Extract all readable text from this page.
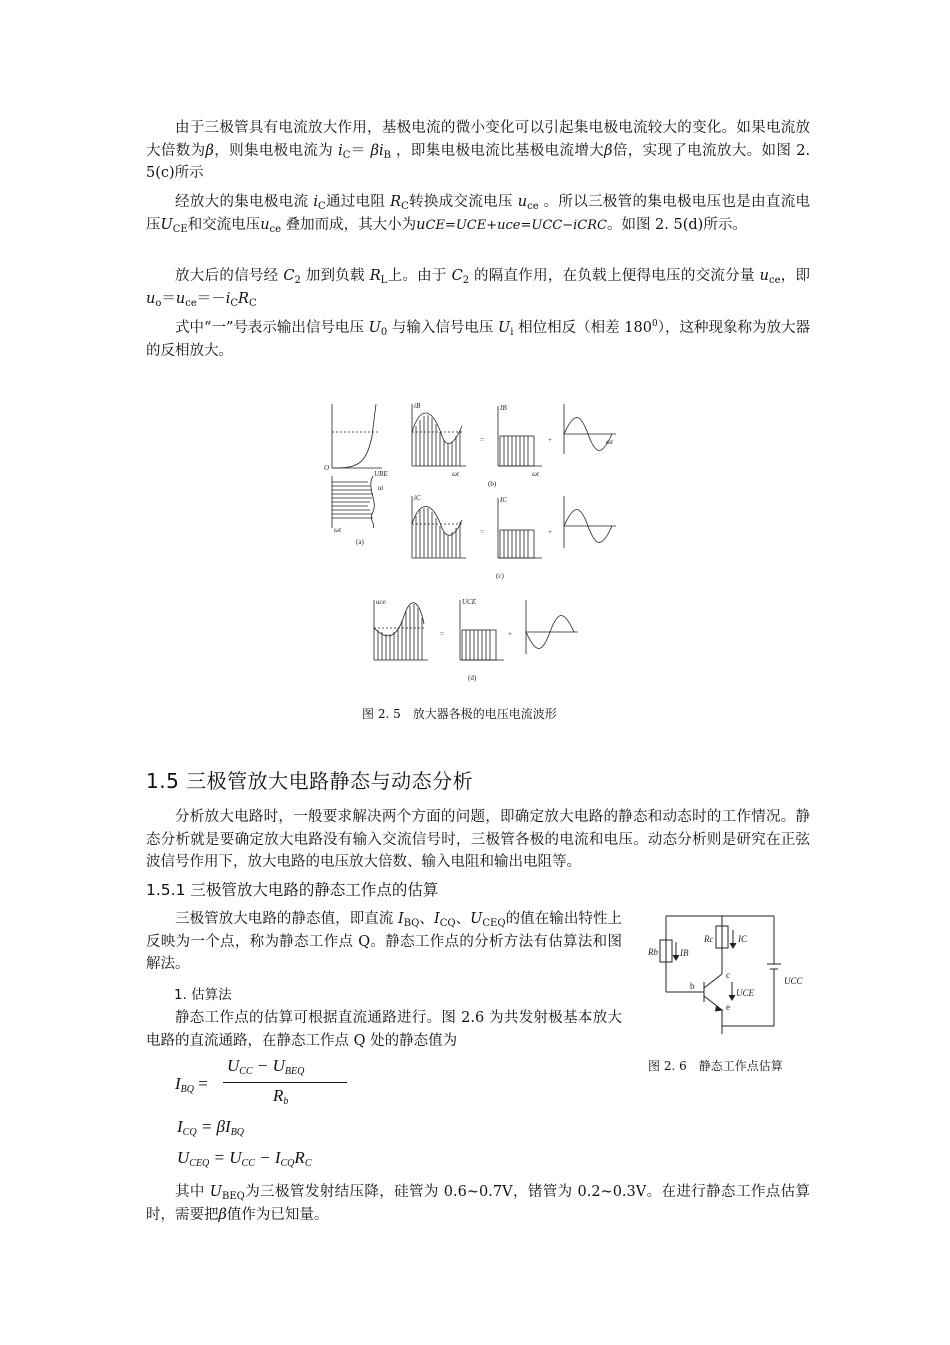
由于三极管具有电流放大作用，基极电流的微小变化可以引起集电极电流较大的变化。如果电流放大倍数为β，则集电极电流为 $i_C= \beta i_B$ ，即集电极电流比基极电流增大β倍，实现了电流放大。如图 2. 5(c)所示

经放大的集电极电流 $i_C$通过电阻 $R_C$转换成交流电压 $u_{ce}$ 。所以三极管的集电极电压也是由直流电压$U_{CE}$和交流电压$u_{ce}$ 叠加而成，其大小为uCE=UCE+uce=UCC−iCRC。如图 2. 5(d)所示。

放大后的信号经 $C_2$ 加到负载 $R_L$上。由于 $C_2$ 的隔直作用，在负载上便得电压的交流分量 $u_{ce}$，即$u_o=u_{ce}=-i_CR_C$

式中“一”号表示输出信号电压 $U_0$ 与输入信号电压 $U_i$ 相位相反（相差 $180^0$），这种现象称为放大器的反相放大。

(a)
(b)
(c)
(d)
=	+
=	+
=	+
O
ωt	ωt
ωt
ωt
iB	IB
iC	IC
uce	UCE
UBE
ui
图 2. 5　放大器各极的电压电流波形
1.5 三极管放大电路静态与动态分析

分析放大电路时，一般要求解决两个方面的问题，即确定放大电路的静态和动态时的工作情况。静态分析就是要确定放大电路没有输入交流信号时，三极管各极的电流和电压。动态分析则是研究在正弦波信号作用下，放大电路的电压放大倍数、输入电阻和输出电阻等。

1.5.1 三极管放大电路的静态工作点的估算

三极管放大电路的静态值，即直流 $I_{BQ}$、$I_{CQ}$、$U_{CEQ}$的值在输出特性上反映为一个点，称为静态工作点 Q。静态工作点的分析方法有估算法和图解法。

1. 估算法

静态工作点的估算可根据直流通路进行。图 2.6 为共发射极基本放大电路的直流通路，在静态工作点 Q 处的静态值为

Rb IB
Rc	IC
UCC
UCE
b
c
e
图 2. 6　静态工作点估算
$I_{BQ}$ =
$U_{CC} - U_{BEQ}$
$R_b$
$I_{CQ} = \beta I_{BQ}$
$U_{CEQ} = U_{CC} - I_{CQ}R_C$

其中 $U_{BEQ}$为三极管发射结压降，硅管为 0.6~0.7V，锗管为 0.2~0.3V。在进行静态工作点估算时，需要把β值作为已知量。
